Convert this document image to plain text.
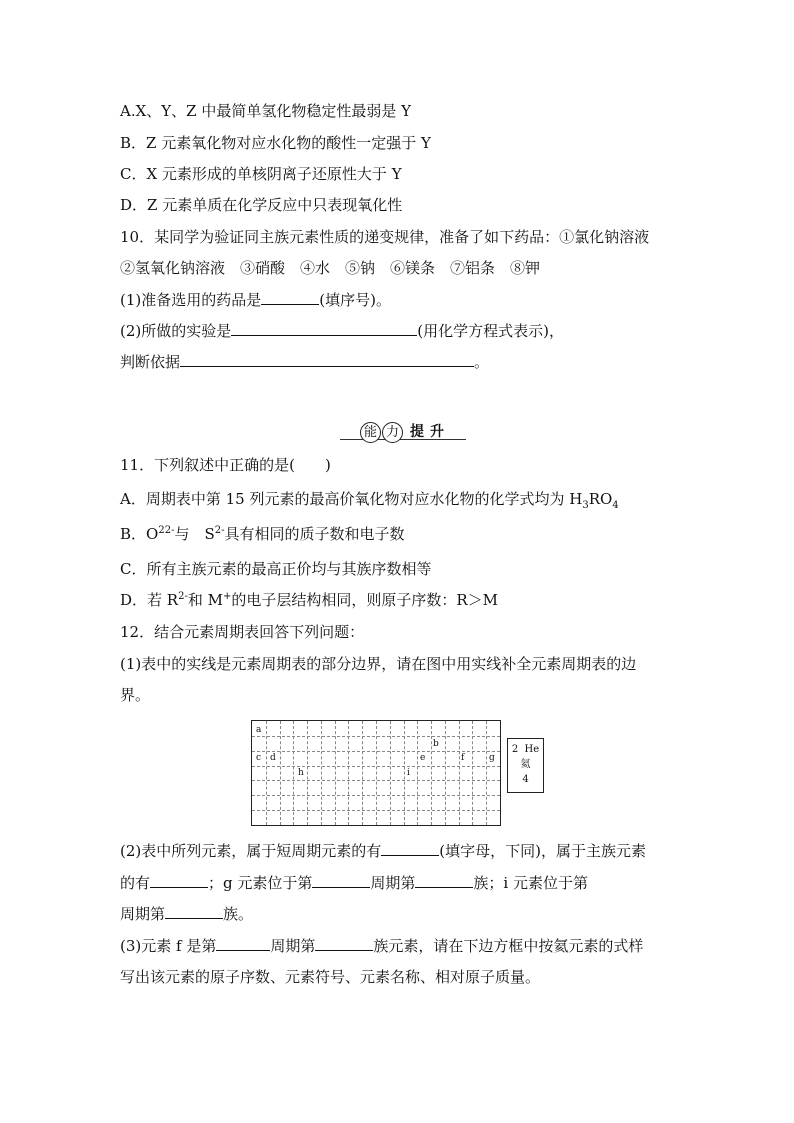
A.X、Y、Z 中最简单氢化物稳定性最弱是 Y
B．Z 元素氧化物对应水化物的酸性一定强于 Y
C．X 元素形成的单核阴离子还原性大于 Y
D．Z 元素单质在化学反应中只表现氧化性
10．某同学为验证同主族元素性质的递变规律，准备了如下药品：①氯化钠溶液
②氢氧化钠溶液　③硝酸　④水　⑤钠　⑥镁条　⑦铝条　⑧钾
(1)准备选用的药品是	(填序号)。
(2)所做的实验是	(用化学方程式表示)，
判断依据	。
能 力 提升
11．下列叙述中正确的是(　　)
A．周期表中第 15 列元素的最高价氧化物对应水化物的化学式均为 $H_3RO_4$
B．$O^{22-}$与　$S^{2-}$具有相同的质子数和电子数
C．所有主族元素的最高正价均与其族序数相等
D．若 $R^{2-}$和 M+的电子层结构相同，则原子序数：R＞M
12．结合元素周期表回答下列问题：
(1)表中的实线是元素周期表的部分边界，请在图中用实线补全元素周期表的边
界。
a
b
c d	e	f	g
h	i
2 He
氦
4
(2)表中所列元素，属于短周期元素的有	(填字母，下同)，属于主族元素
的有	；g 元素位于第	周期第	族；i 元素位于第
周期第	族。
(3)元素 f 是第	周期第	族元素，请在下边方框中按氦元素的式样
写出该元素的原子序数、元素符号、元素名称、相对原子质量。
